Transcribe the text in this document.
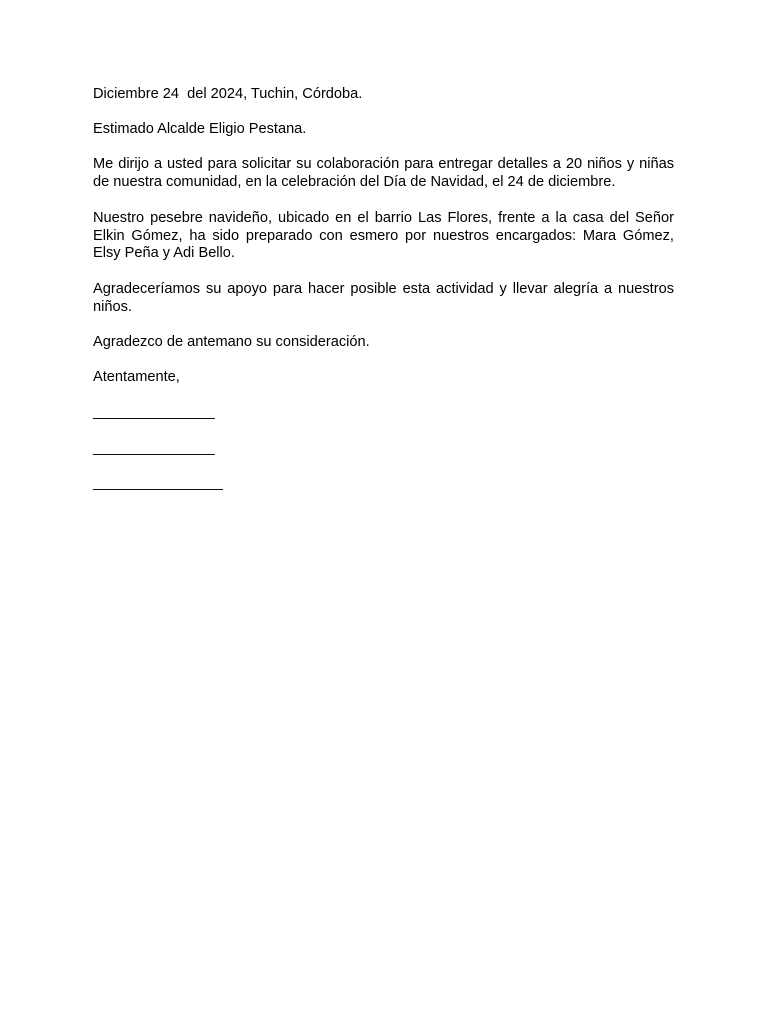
Diciembre 24  del 2024, Tuchin, Córdoba.

Estimado Alcalde Eligio Pestana.

Me dirijo a usted para solicitar su colaboración para entregar detalles a 20 niños y niñas de nuestra comunidad, en la celebración del Día de Navidad, el 24 de diciembre.

Nuestro pesebre navideño, ubicado en el barrio Las Flores, frente a la casa del Señor Elkin Gómez, ha sido preparado con esmero por nuestros encargados: Mara Gómez, Elsy Peña y Adi Bello.

Agradeceríamos su apoyo para hacer posible esta actividad y llevar alegría a nuestros niños.

Agradezco de antemano su consideración.

Atentamente,

_______________

_______________

________________
